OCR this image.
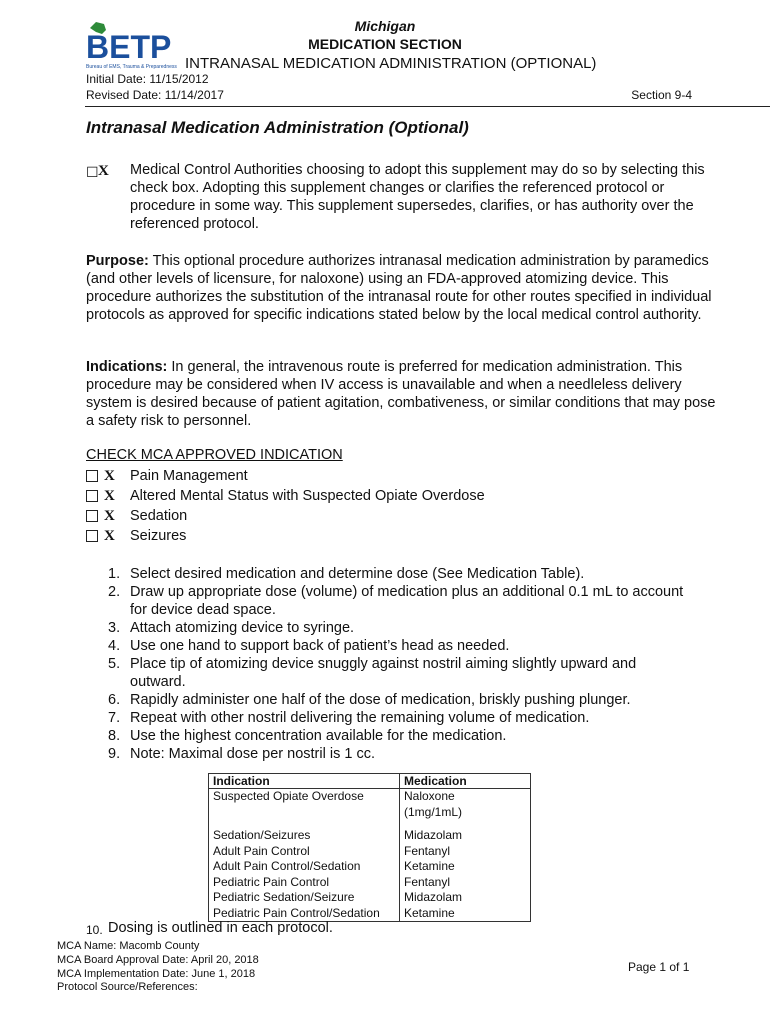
BETP
Bureau of EMS, Trauma & Preparedness
Michigan
MEDICATION SECTION
INTRANASAL MEDICATION ADMINISTRATION (OPTIONAL)
Initial Date: 11/15/2012
Revised Date: 11/14/2017	Section 9-4
Intranasal Medication Administration (Optional)
☐ X Medical Control Authorities choosing to adopt this supplement may do so by selecting this check box. Adopting this supplement changes or clarifies the referenced protocol or procedure in some way. This supplement supersedes, clarifies, or has authority over the referenced protocol.
Purpose: This optional procedure authorizes intranasal medication administration by paramedics (and other levels of licensure, for naloxone) using an FDA-approved atomizing device. This procedure authorizes the substitution of the intranasal route for other routes specified in individual protocols as approved for specific indications stated below by the local medical control authority.
Indications: In general, the intravenous route is preferred for medication administration. This procedure may be considered when IV access is unavailable and when a needleless delivery system is desired because of patient agitation, combativeness, or similar conditions that may pose a safety risk to personnel.
CHECK MCA APPROVED INDICATION
X Pain Management
X Altered Mental Status with Suspected Opiate Overdose
X Sedation
X Seizures
1. Select desired medication and determine dose (See Medication Table).
2. Draw up appropriate dose (volume) of medication plus an additional 0.1 mL to account for device dead space.
3. Attach atomizing device to syringe.
4. Use one hand to support back of patient’s head as needed.
5. Place tip of atomizing device snuggly against nostril aiming slightly upward and outward.
6. Rapidly administer one half of the dose of medication, briskly pushing plunger.
7. Repeat with other nostril delivering the remaining volume of medication.
8. Use the highest concentration available for the medication.
9. Note: Maximal dose per nostril is 1 cc.
Indication	Medication
Suspected Opiate Overdose	Naloxone
	(1mg/1mL)

Sedation/Seizures	Midazolam
Adult Pain Control	Fentanyl
Adult Pain Control/Sedation	Ketamine
Pediatric Pain Control	Fentanyl
Pediatric Sedation/Seizure	Midazolam
Pediatric Pain Control/Sedation	Ketamine
10. Dosing is outlined in each protocol.
MCA Name: Macomb County
MCA Board Approval Date: April 20, 2018
MCA Implementation Date: June 1, 2018
Protocol Source/References:
Page 1 of 1
